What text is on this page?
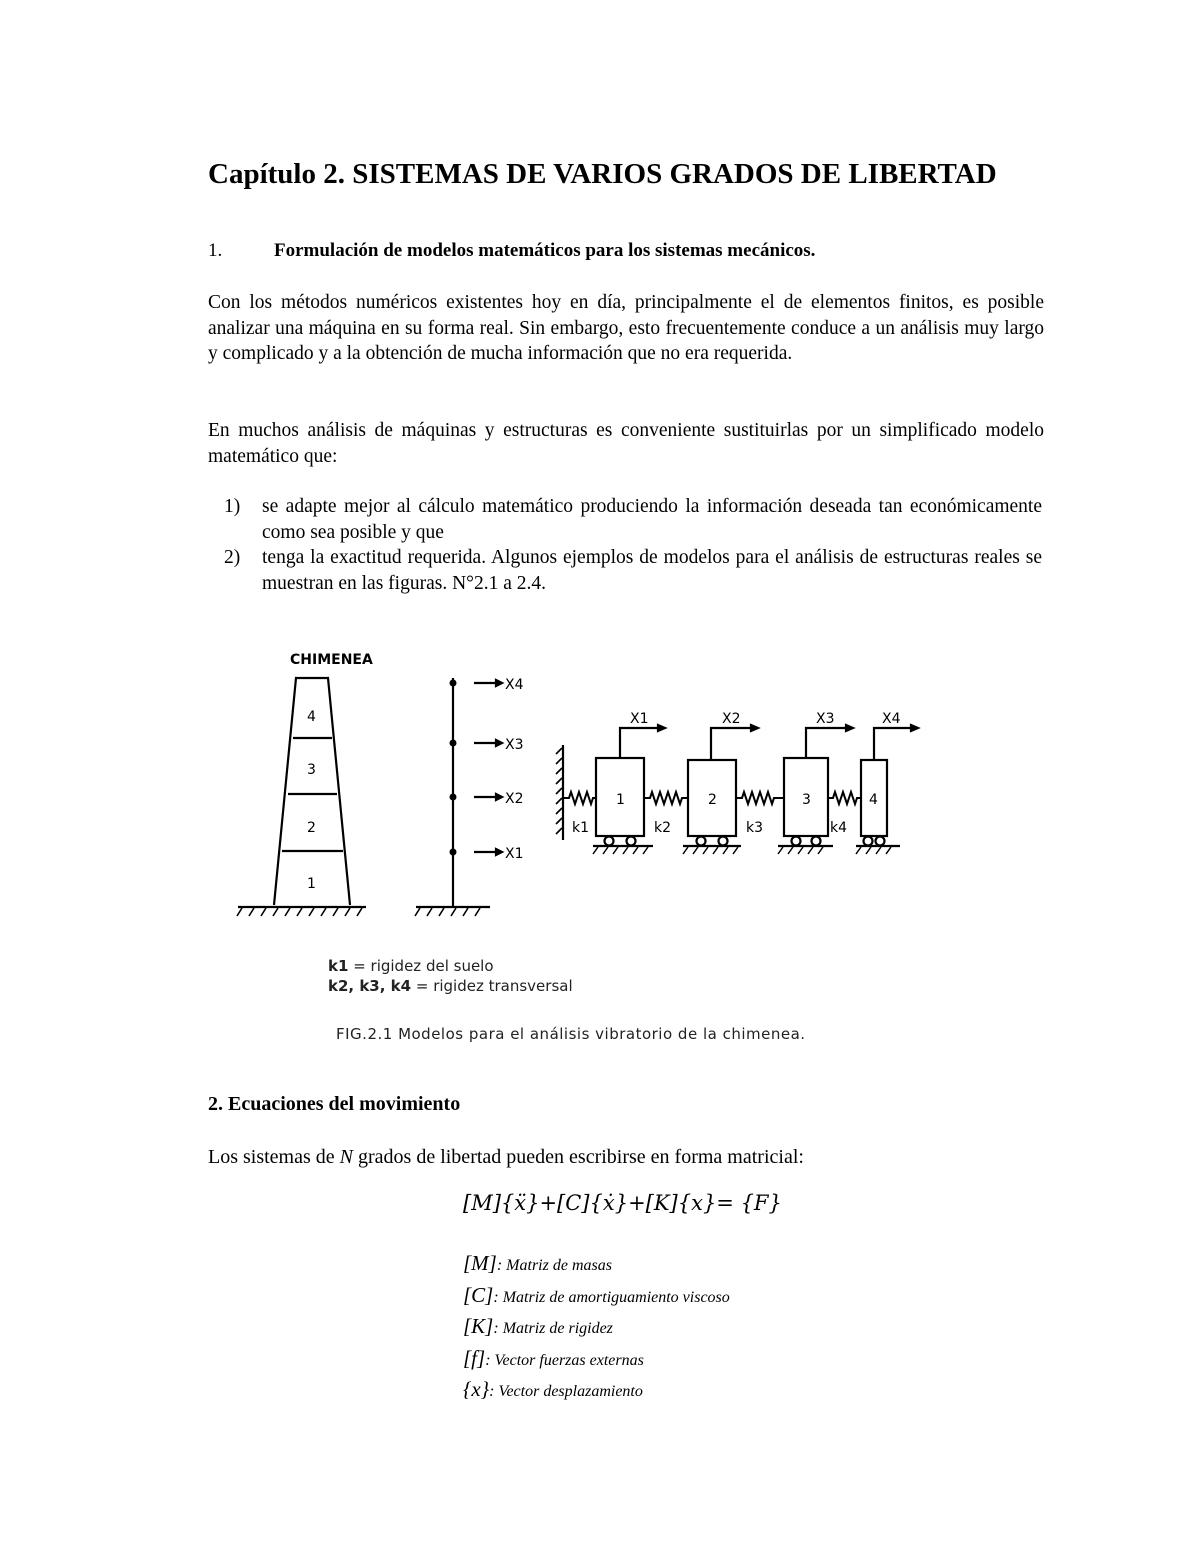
Capítulo 2. SISTEMAS DE VARIOS GRADOS DE LIBERTAD
1.	Formulación de modelos matemáticos para los sistemas mecánicos.
Con los métodos numéricos existentes hoy en día, principalmente el de elementos finitos, es posible analizar una máquina en su forma real. Sin embargo, esto frecuentemente conduce a un análisis muy largo y complicado y a la obtención de mucha información que no era requerida.
En muchos análisis de máquinas y estructuras es conveniente sustituirlas por un simplificado modelo matemático que:
1) se adapte mejor al cálculo matemático produciendo la información deseada tan económicamente como sea posible y que
2) tenga la exactitud requerida. Algunos ejemplos de modelos para el análisis de estructuras reales se muestran en las figuras. N°2.1 a 2.4.
CHIMENEA
1
2
3
4
X1
X2
X3
X4
1	2	3	4
X1	X2	X3	X4
k1	k2	k3	k4
k1 = rigidez del suelo
k2, k3, k4 = rigidez transversal
FIG.2.1 Modelos para el análisis vibratorio de la chimenea.
2. Ecuaciones del movimiento
Los sistemas de N grados de libertad pueden escribirse en forma matricial:
[M]{ẍ}+[C]{ẋ}+[K]{x}= {F}
[M]: Matriz de masas
[C]: Matriz de amortiguamiento viscoso
[K]: Matriz de rigidez
[f]: Vector fuerzas externas
{x}: Vector desplazamiento
